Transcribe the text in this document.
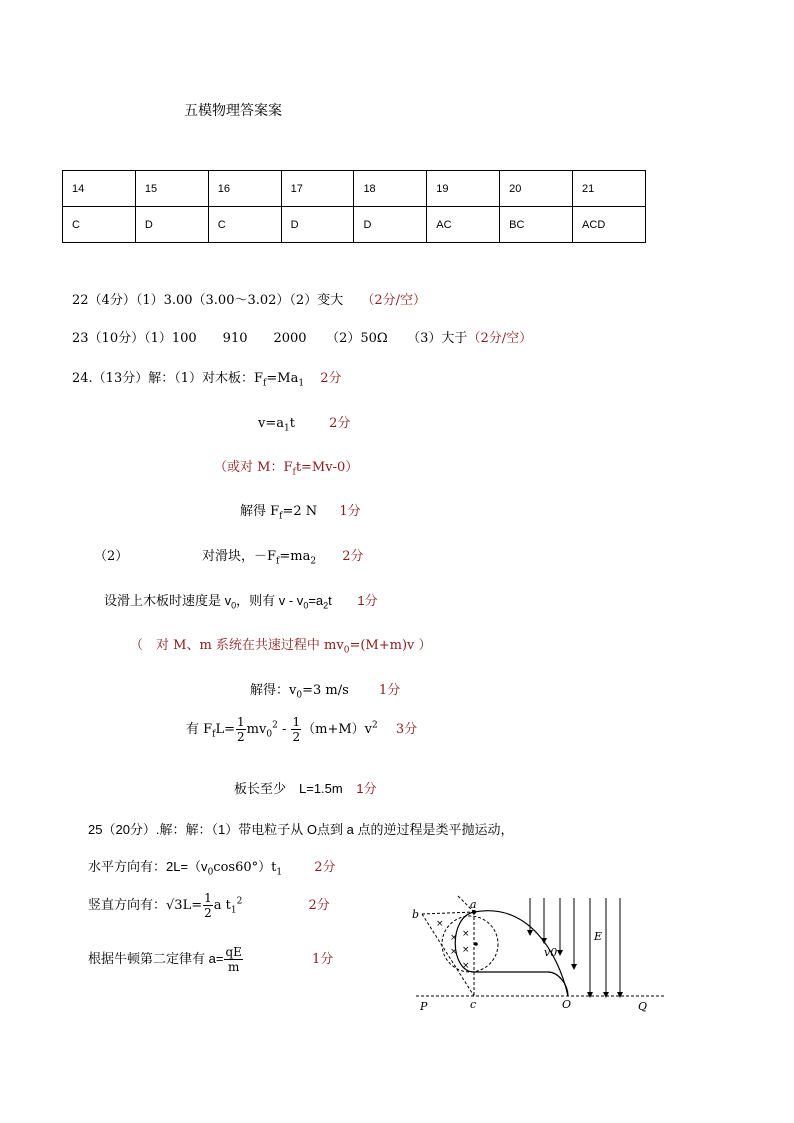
五模物理答案案
14	15	16	17	18	19	20	21
C	D	C	D	D	AC	BC	ACD
22（4分）（1）3.00（3.00～3.02）（2）变大 （2分/空）
23（10分）（1）100　　910　　2000　　（2）50Ω　　（3）大于（2分/空）
24.（13分）解：（1）对木板：$F_f=Ma_1$ 2分
$v=a_1t$	2分
（或对 M：$F_ft=Mv-0$）
解得 $F_f=2$ N 1分
（2）	对滑块，$-F_f=ma_2$ 2分
设滑上木板时速度是 $v_0$，则有 $v - v_0=a_2t$ 1分
（　对 M、m 系统在共速过程中 $mv_0=(M+m)v$ ）
解得：$v_0=3$ m/s 1分
有 $F_fL= \frac{1}{2} mv_0^2 - \frac{1}{2} (m+M)v^2$ 3分
板长至少　L=1.5m 1分
25（20分）.解：解：（1）带电粒子从 O点到 a 点的逆过程是类平抛运动，
水平方向有：$2L=(v_0\cos 60^\circ)t_1$ 2分
竖直方向有：$√3L= \frac{1}{2}$ a $t_1^2$	2分
根据牛顿第二定律有 $a= \frac{qE}{m}$	1分
×
× ×
× ×
×
b
a
v0
E
P	c	O	Q
